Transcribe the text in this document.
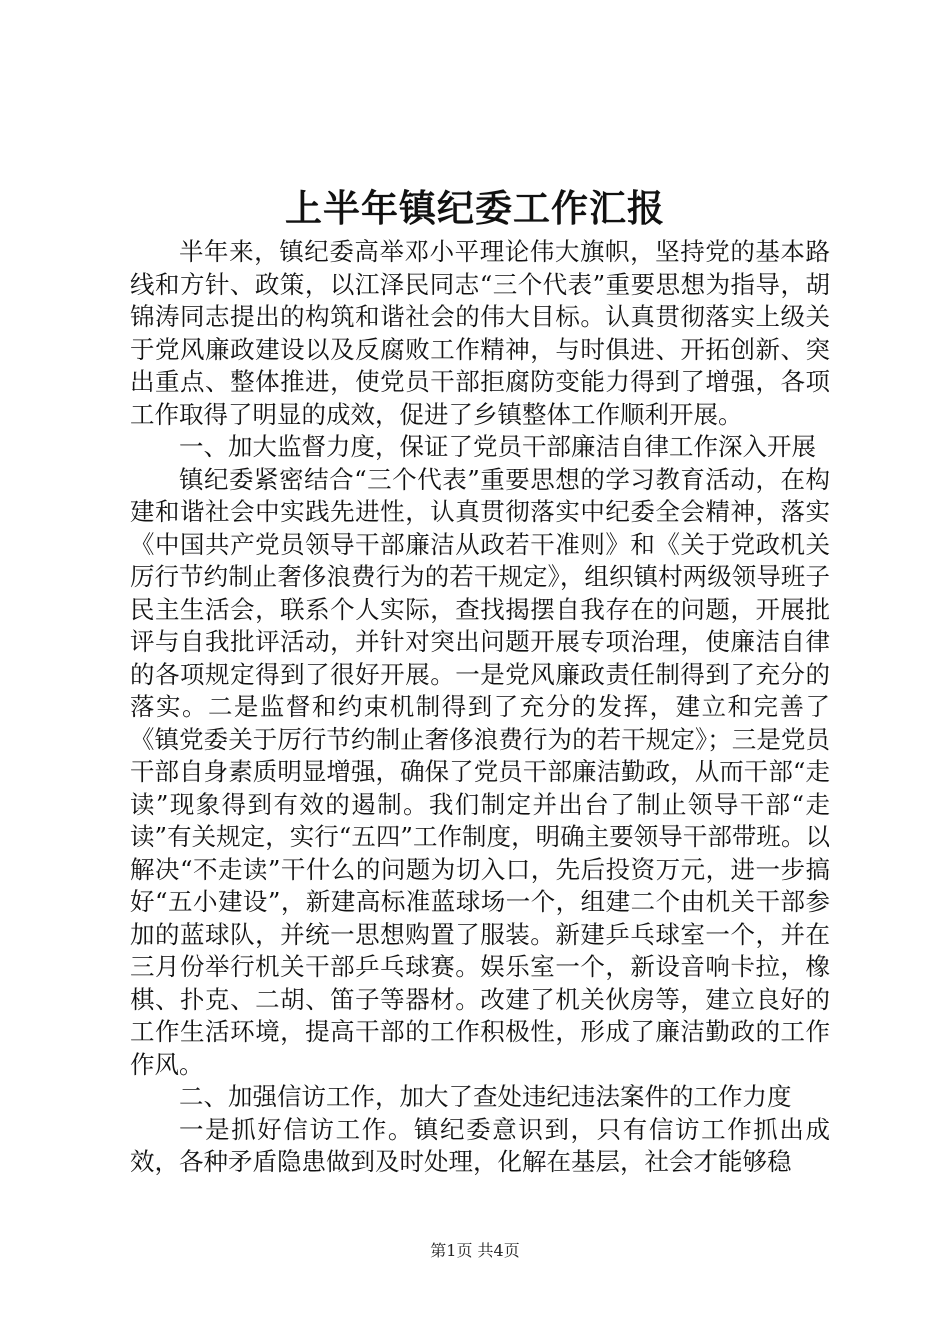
上半年镇纪委工作汇报

半年来，镇纪委高举邓小平理论伟大旗帜，坚持党的基本路线和方针、政策，以江泽民同志“三个代表”重要思想为指导，胡锦涛同志提出的构筑和谐社会的伟大目标。认真贯彻落实上级关于党风廉政建设以及反腐败工作精神，与时俱进、开拓创新、突出重点、整体推进，使党员干部拒腐防变能力得到了增强，各项工作取得了明显的成效，促进了乡镇整体工作顺利开展。

一、加大监督力度，保证了党员干部廉洁自律工作深入开展

镇纪委紧密结合“三个代表”重要思想的学习教育活动，在构建和谐社会中实践先进性，认真贯彻落实中纪委全会精神，落实《中国共产党员领导干部廉洁从政若干准则》和《关于党政机关厉行节约制止奢侈浪费行为的若干规定》，组织镇村两级领导班子民主生活会，联系个人实际，查找揭摆自我存在的问题，开展批评与自我批评活动，并针对突出问题开展专项治理，使廉洁自律的各项规定得到了很好开展。一是党风廉政责任制得到了充分的落实。二是监督和约束机制得到了充分的发挥，建立和完善了《镇党委关于厉行节约制止奢侈浪费行为的若干规定》；三是党员干部自身素质明显增强，确保了党员干部廉洁勤政，从而干部“走读”现象得到有效的遏制。我们制定并出台了制止领导干部“走读”有关规定，实行“五四”工作制度，明确主要领导干部带班。以解决“不走读”干什么的问题为切入口，先后投资万元，进一步搞好“五小建设”，新建高标准蓝球场一个，组建二个由机关干部参加的蓝球队，并统一思想购置了服装。新建乒乓球室一个，并在三月份举行机关干部乒乓球赛。娱乐室一个，新设音响卡拉，橡棋、扑克、二胡、笛子等器材。改建了机关伙房等，建立良好的工作生活环境，提高干部的工作积极性，形成了廉洁勤政的工作作风。

二、加强信访工作，加大了查处违纪违法案件的工作力度

一是抓好信访工作。镇纪委意识到，只有信访工作抓出成效，各种矛盾隐患做到及时处理，化解在基层，社会才能够稳

第1页 共4页
